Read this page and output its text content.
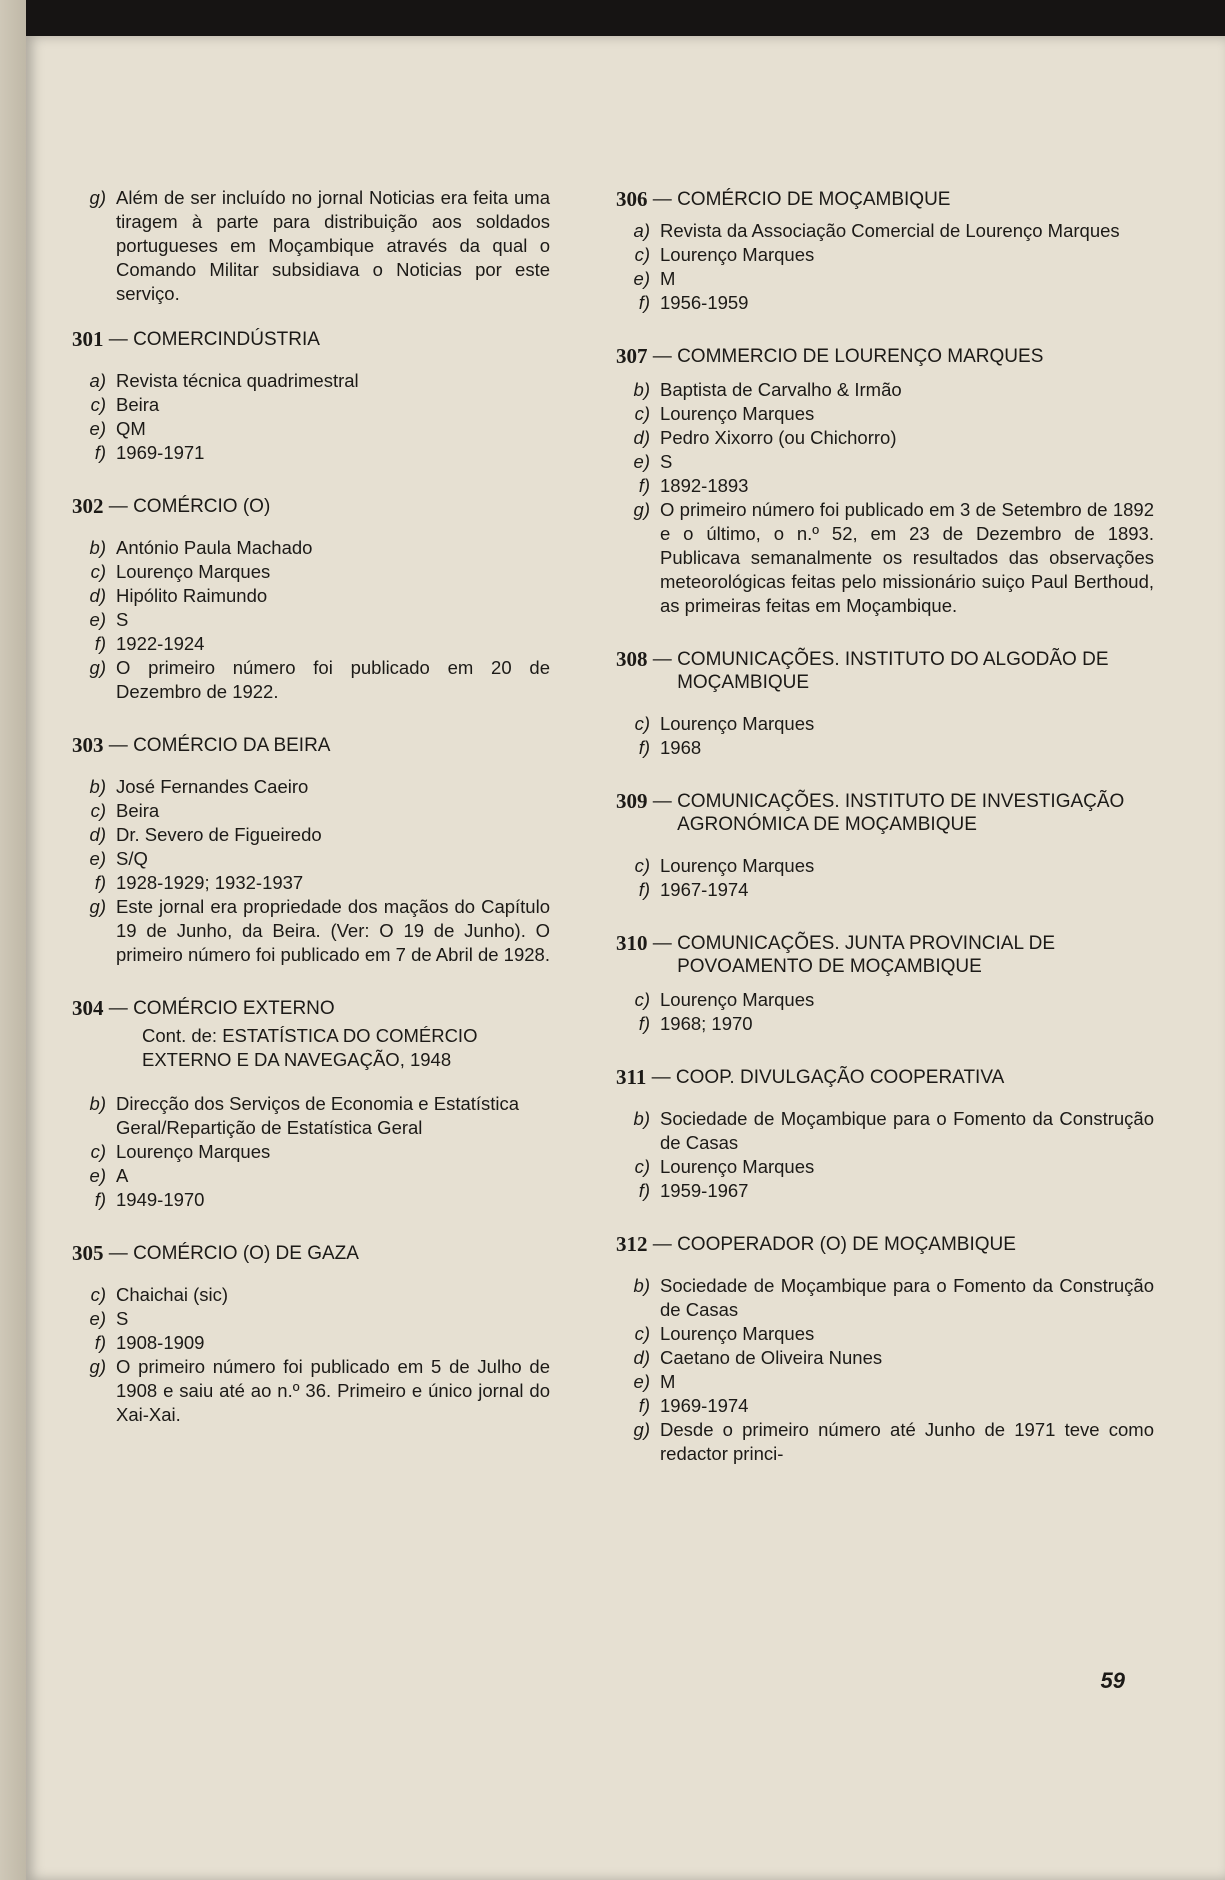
g) Além de ser incluído no jornal Noticias era feita uma tiragem à parte para distribuição aos soldados portugueses em Moçambique através da qual o Comando Militar subsidiava o Noticias por este serviço.
301 — COMERCINDÚSTRIA
a) Revista técnica quadrimestral
c) Beira
e) QM
f) 1969-1971
302 — COMÉRCIO (O)
b) António Paula Machado
c) Lourenço Marques
d) Hipólito Raimundo
e) S
f) 1922-1924
g) O primeiro número foi publicado em 20 de Dezembro de 1922.
303 — COMÉRCIO DA BEIRA
b) José Fernandes Caeiro
c) Beira
d) Dr. Severo de Figueiredo
e) S/Q
f) 1928-1929; 1932-1937
g) Este jornal era propriedade dos maçãos do Capítulo 19 de Junho, da Beira. (Ver: O 19 de Junho). O primeiro número foi publicado em 7 de Abril de 1928.
304 — COMÉRCIO EXTERNO
Cont. de: ESTATÍSTICA DO COMÉRCIO EXTERNO E DA NAVEGAÇÃO, 1948
b) Direcção dos Serviços de Economia e Estatística Geral/Repartição de Estatística Geral
c) Lourenço Marques
e) A
f) 1949-1970
305 — COMÉRCIO (O) DE GAZA
c) Chaichai (sic)
e) S
f) 1908-1909
g) O primeiro número foi publicado em 5 de Julho de 1908 e saiu até ao n.º 36. Primeiro e único jornal do Xai-Xai.
306 — COMÉRCIO DE MOÇAMBIQUE
a) Revista da Associação Comercial de Lourenço Marques
c) Lourenço Marques
e) M
f) 1956-1959
307 — COMMERCIO DE LOURENÇO MARQUES
b) Baptista de Carvalho & Irmão
c) Lourenço Marques
d) Pedro Xixorro (ou Chichorro)
e) S
f) 1892-1893
g) O primeiro número foi publicado em 3 de Setembro de 1892 e o último, o n.º 52, em 23 de Dezembro de 1893. Publicava semanalmente os resultados das observações meteorológicas feitas pelo missionário suiço Paul Berthoud, as primeiras feitas em Moçambique.
308 — COMUNICAÇÕES. INSTITUTO DO ALGODÃO DE MOÇAMBIQUE
c) Lourenço Marques
f) 1968
309 — COMUNICAÇÕES. INSTITUTO DE INVESTIGAÇÃO AGRONÓMICA DE MOÇAMBIQUE
c) Lourenço Marques
f) 1967-1974
310 — COMUNICAÇÕES. JUNTA PROVINCIAL DE POVOAMENTO DE MOÇAMBIQUE
c) Lourenço Marques
f) 1968; 1970
311 — COOP. DIVULGAÇÃO COOPERATIVA
b) Sociedade de Moçambique para o Fomento da Construção de Casas
c) Lourenço Marques
f) 1959-1967
312 — COOPERADOR (O) DE MOÇAMBIQUE
b) Sociedade de Moçambique para o Fomento da Construção de Casas
c) Lourenço Marques
d) Caetano de Oliveira Nunes
e) M
f) 1969-1974
g) Desde o primeiro número até Junho de 1971 teve como redactor princi-
59
